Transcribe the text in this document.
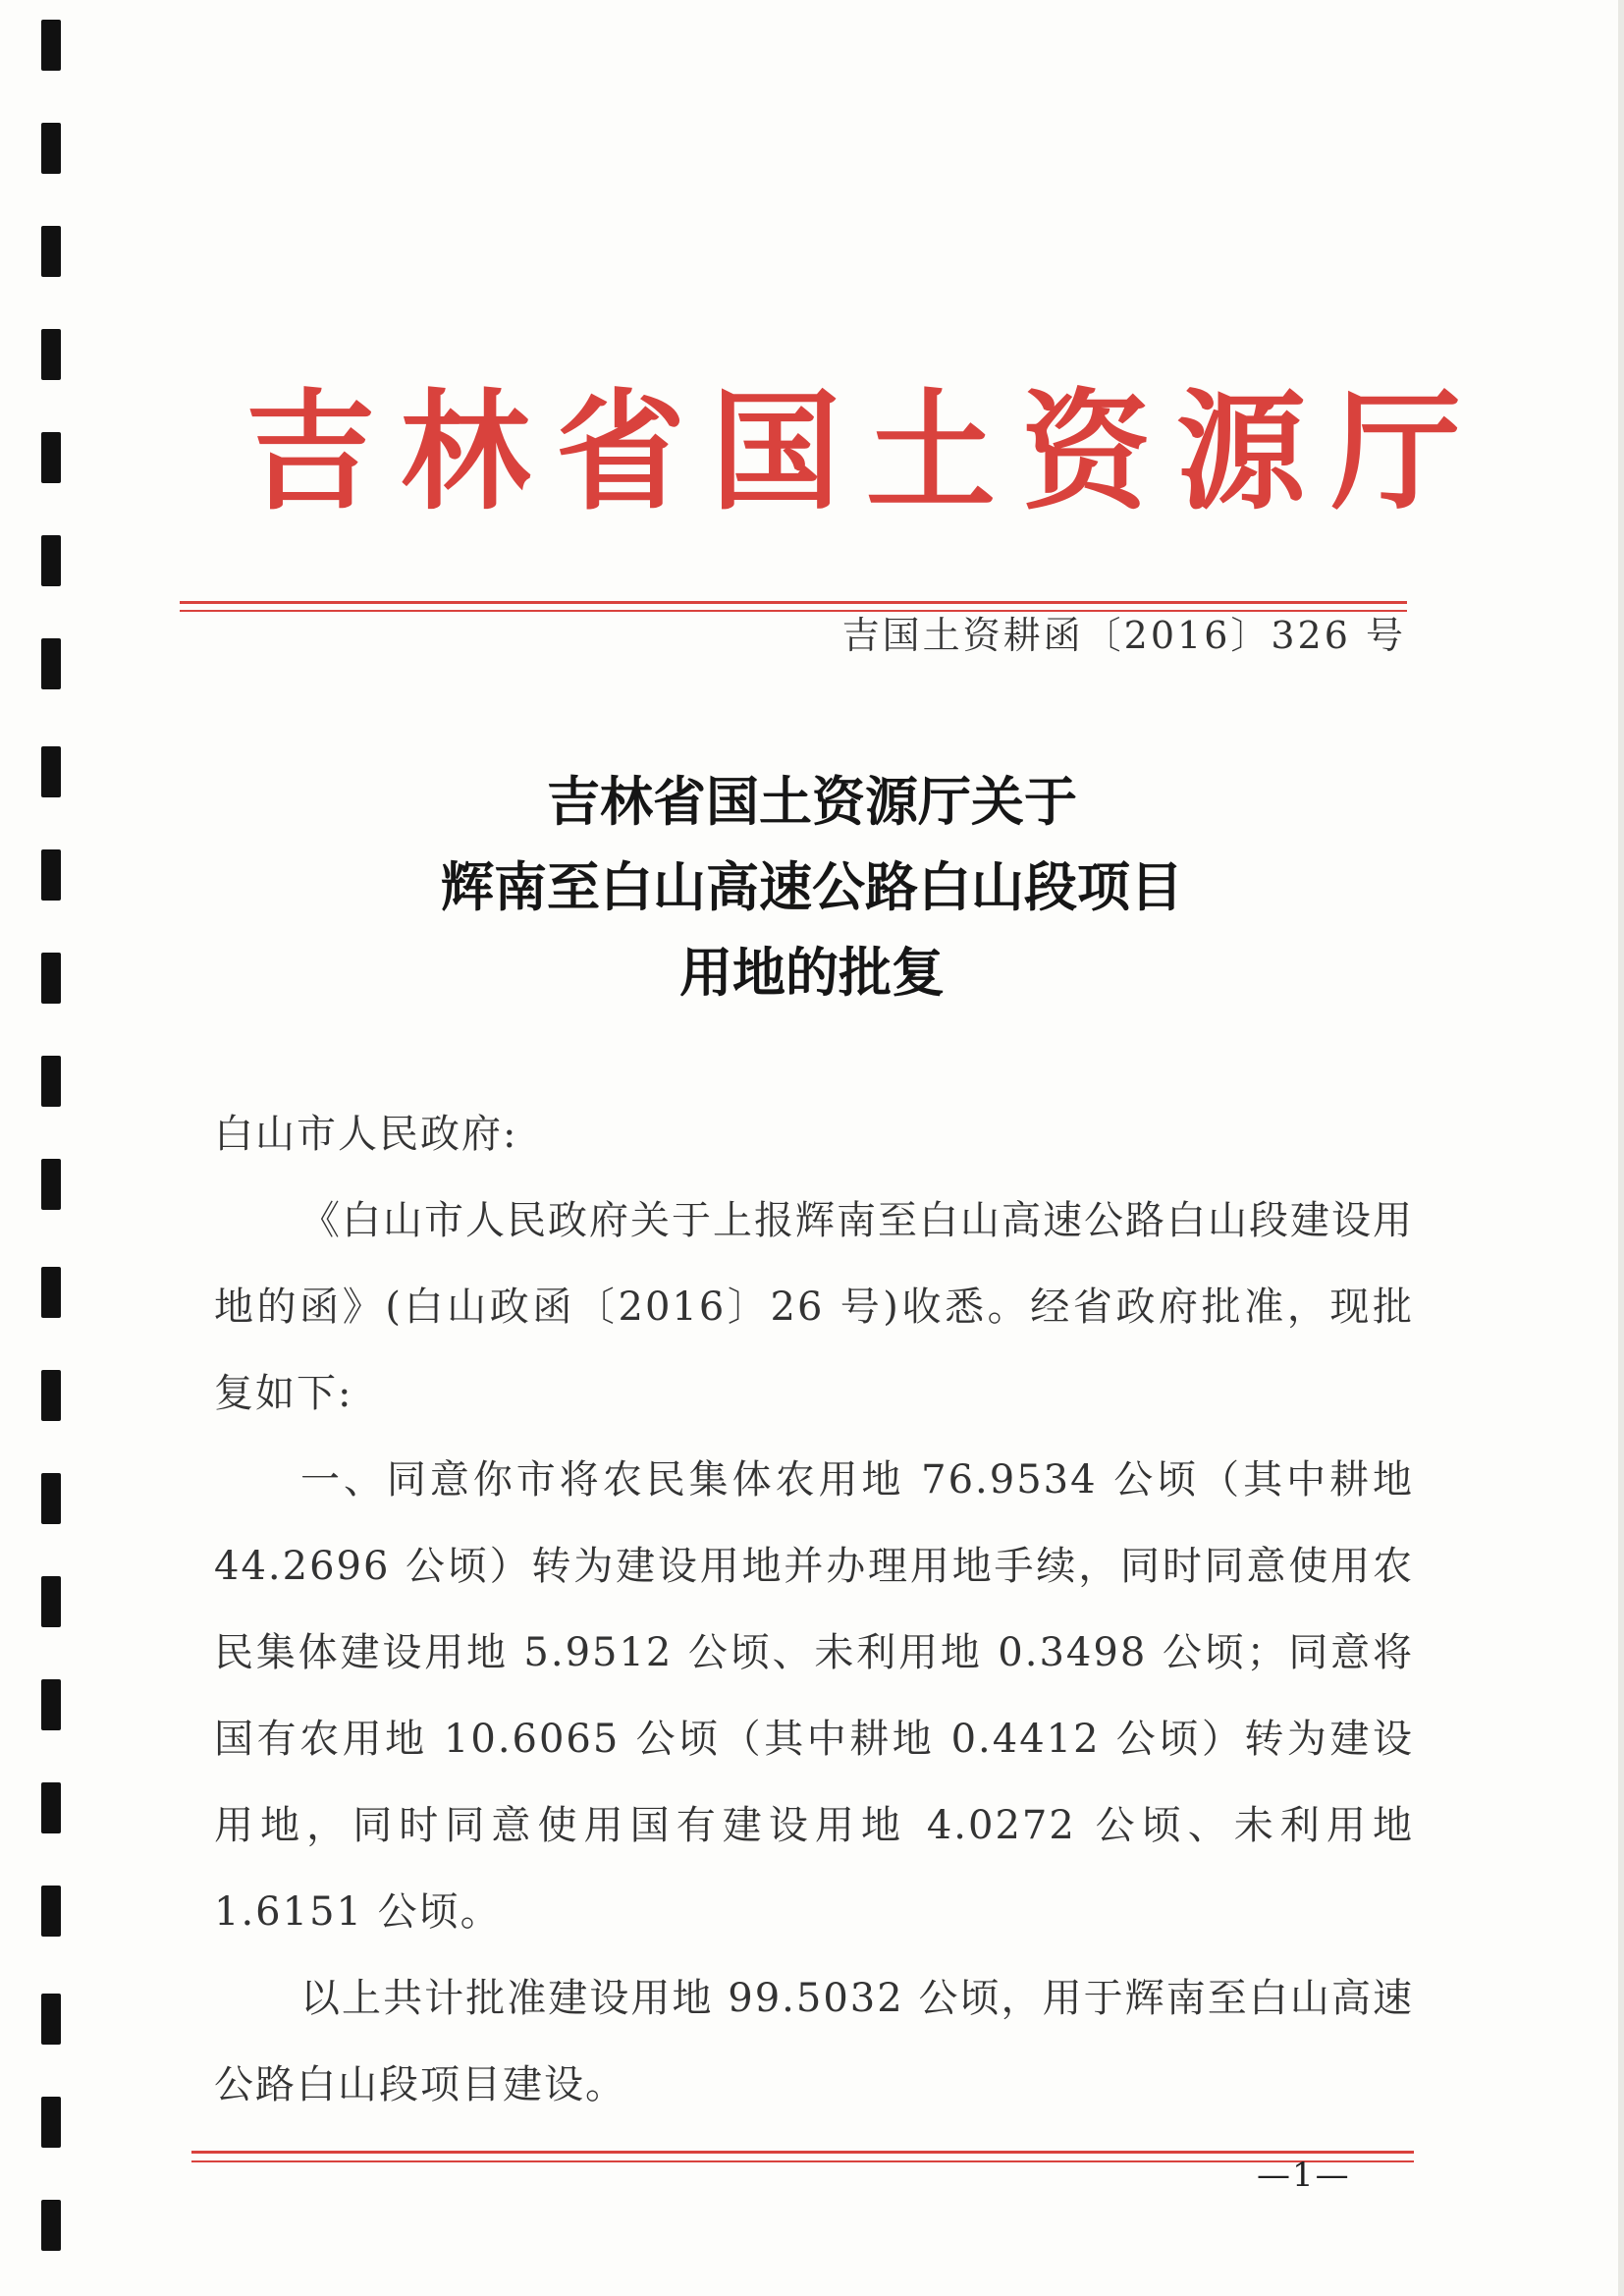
吉林省国土资源厅
吉国土资耕函〔2016〕326 号
吉林省国土资源厅关于
辉南至白山高速公路白山段项目
用地的批复

白山市人民政府:

《白山市人民政府关于上报辉南至白山高速公路白山段建设用地的函》(白山政函〔2016〕26 号)收悉。经省政府批准，现批复如下:

一、同意你市将农民集体农用地 76.9534 公顷（其中耕地 44.2696 公顷）转为建设用地并办理用地手续，同时同意使用农民集体建设用地 5.9512 公顷、未利用地 0.3498 公顷；同意将国有农用地 10.6065 公顷（其中耕地 0.4412 公顷）转为建设用地，同时同意使用国有建设用地 4.0272 公顷、未利用地 1.6151 公顷。

以上共计批准建设用地 99.5032 公顷，用于辉南至白山高速公路白山段项目建设。

—1—
